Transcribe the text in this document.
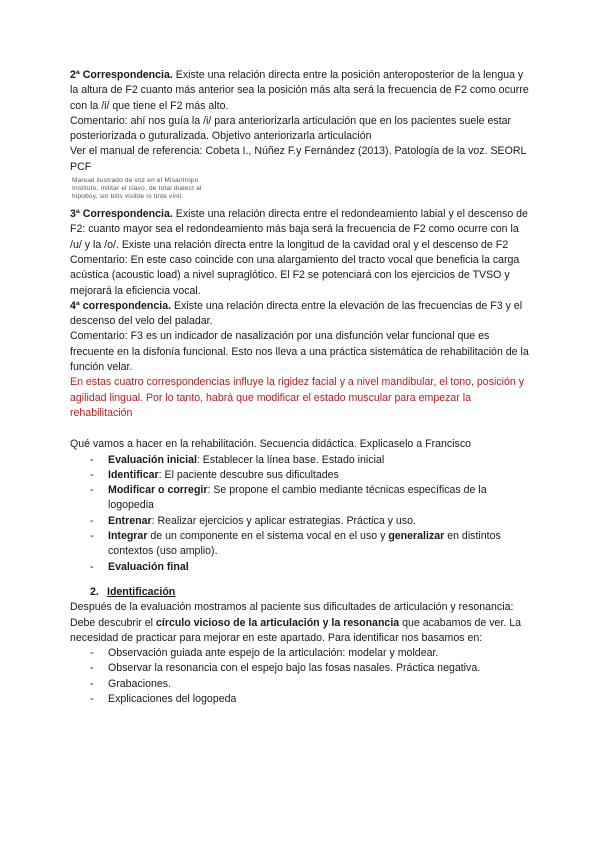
2ª Correspondencia. Existe una relación directa entre la posición anteroposterior de la lengua y la altura de F2 cuanto más anterior sea la posición más alta será la frecuencia de F2 como ocurre con la /i/ que tiene el F2 más alto.

Comentario: ahí nos guía la /i/ para anteriorizarla articulación que en los pacientes suele estar posteriorizada o guturalizada. Objetivo anteriorizarla articulación

Ver el manual de referencia: Cobeta I., Núñez F.y Fernández (2013). Patología de la voz. SEORL PCF

Manual ilustrado de voz en el Misantropo
Instituto, militar el clavo, de total dialect al
hipoboy, sin bills visible ni tinte vinil.

3ª Correspondencia. Existe una relación directa entre el redondeamiento labial y el descenso de F2: cuanto mayor sea el redondeamiento más baja será la frecuencia de F2 como ocurre con la /u/ y la /o/. Existe una relación directa entre la longitud de la cavidad oral y el descenso de F2

Comentario: En este caso coincide con una alargamiento del tracto vocal que beneficia la carga acústica (acoustic load) a nivel supraglótico. El F2 se potenciará con los ejercicios de TVSO y mejorará la eficiencia vocal.

4ª correspondencia. Existe una relación directa entre la elevación de las frecuencias de F3 y el descenso del velo del paladar.

Comentario: F3 es un indicador de nasalización por una disfunción velar funcional que es frecuente en la disfonía funcional. Esto nos lleva a una práctica sistemática de rehabilitación de la función velar.

En estas cuatro correspondencias influye la rigidez facial y a nivel mandibular, el tono, posición y agilidad lingual. Por lo tanto, habrá que modificar el estado muscular para empezar la rehabilitación

Qué vamos a hacer en la rehabilitación. Secuencia didáctica. Explicaselo a Francisco

- Evaluación inicial: Establecer la línea base. Estado inicial
- Identificar: El paciente descubre sus dificultades
- Modificar o corregir: Se propone el cambio mediante técnicas específicas de la logopedia
- Entrenar: Realizar ejercicios y aplicar estrategias. Práctica y uso.
- Integrar de un componente en el sistema vocal en el uso y generalizar en distintos contextos (uso amplio).
- Evaluación final

2. Identificación

Después de la evaluación mostramos al paciente sus dificultades de articulación y resonancia: Debe descubrir el círculo vicioso de la articulación y la resonancia que acabamos de ver. La necesidad de practicar para mejorar en este apartado. Para identificar nos basamos en:

- Observación guiada ante espejo de la articulación: modelar y moldear.
- Observar la resonancia con el espejo bajo las fosas nasales. Práctica negativa.
- Grabaciones.
- Explicaciones del logopeda
